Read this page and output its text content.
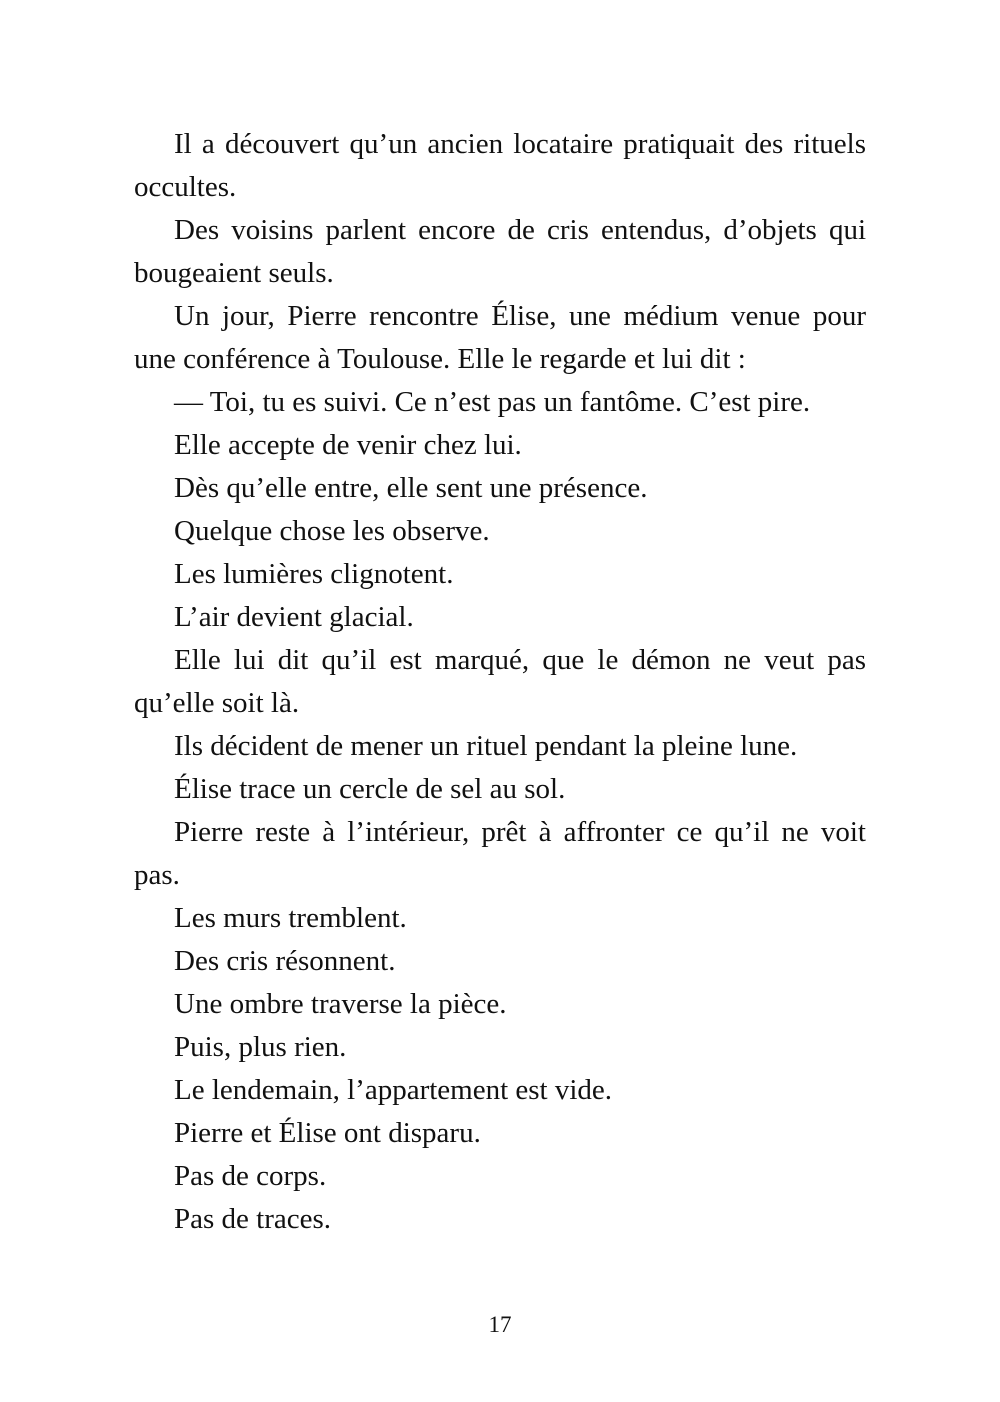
Il a découvert qu’un ancien locataire pratiquait des rituels occultes.

Des voisins parlent encore de cris entendus, d’objets qui bougeaient seuls.

Un jour, Pierre rencontre Élise, une médium venue pour une conférence à Toulouse. Elle le regarde et lui dit :

— Toi, tu es suivi. Ce n’est pas un fantôme. C’est pire.

Elle accepte de venir chez lui.

Dès qu’elle entre, elle sent une présence.

Quelque chose les observe.

Les lumières clignotent.

L’air devient glacial.

Elle lui dit qu’il est marqué, que le démon ne veut pas qu’elle soit là.

Ils décident de mener un rituel pendant la pleine lune.

Élise trace un cercle de sel au sol.

Pierre reste à l’intérieur, prêt à affronter ce qu’il ne voit pas.

Les murs tremblent.

Des cris résonnent.

Une ombre traverse la pièce.

Puis, plus rien.

Le lendemain, l’appartement est vide.

Pierre et Élise ont disparu.

Pas de corps.

Pas de traces.

17
